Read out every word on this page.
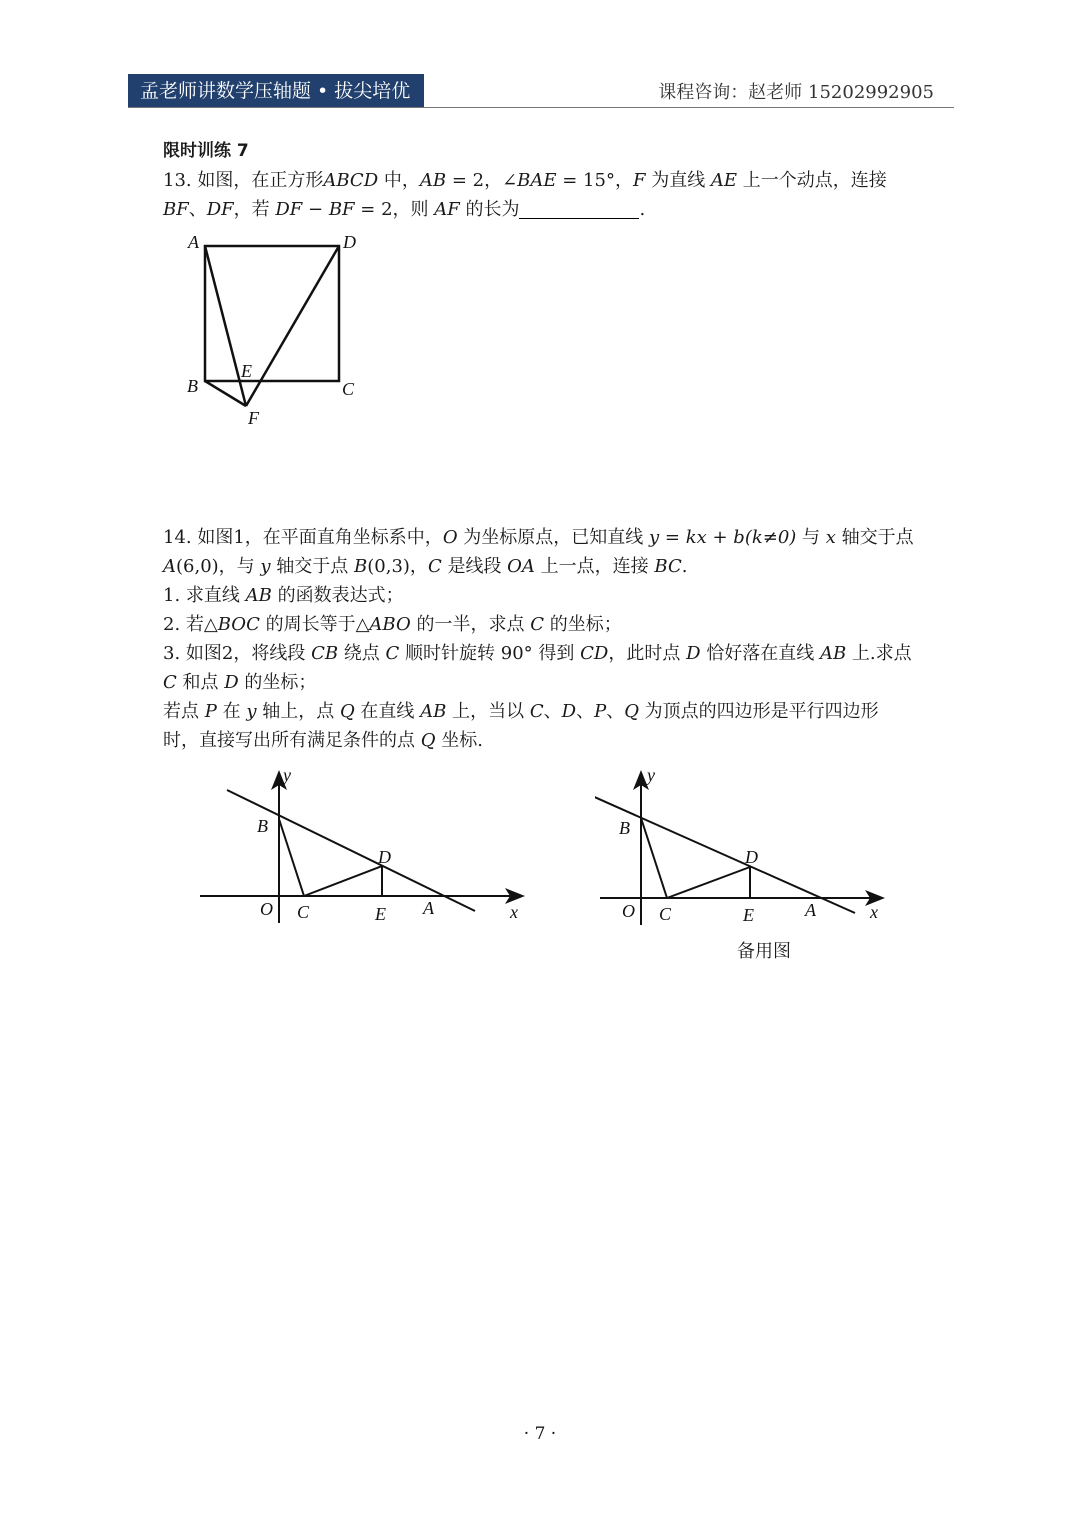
孟老师讲数学压轴题 • 拔尖培优	课程咨询：赵老师 15202992905

限时训练 7

13. 如图，在正方形ABCD 中，AB = 2，∠BAE = 15°，F 为直线 AE 上一个动点，连接

BF、DF，若 DF − BF = 2，则 AF 的长为	.

A	D
B	C
E
F

14. 如图1，在平面直角坐标系中，O 为坐标原点，已知直线 y = kx + b(k≠0) 与 x 轴交于点

A(6,0)，与 y 轴交于点 B(0,3)，C 是线段 OA 上一点，连接 BC.

1. 求直线 AB 的函数表达式；

2. 若△BOC 的周长等于△ABO 的一半，求点 C 的坐标；

3. 如图2，将线段 CB 绕点 C 顺时针旋转 90° 得到 CD，此时点 D 恰好落在直线 AB 上.求点

C 和点 D 的坐标；

若点 P 在 y 轴上，点 Q 在直线 AB 上，当以 C、D、P、Q 为顶点的四边形是平行四边形

时，直接写出所有满足条件的点 Q 坐标.

y
B
D
O C	E A	x
y
B
D
O C	E	A	x
备用图
· 7 ·
